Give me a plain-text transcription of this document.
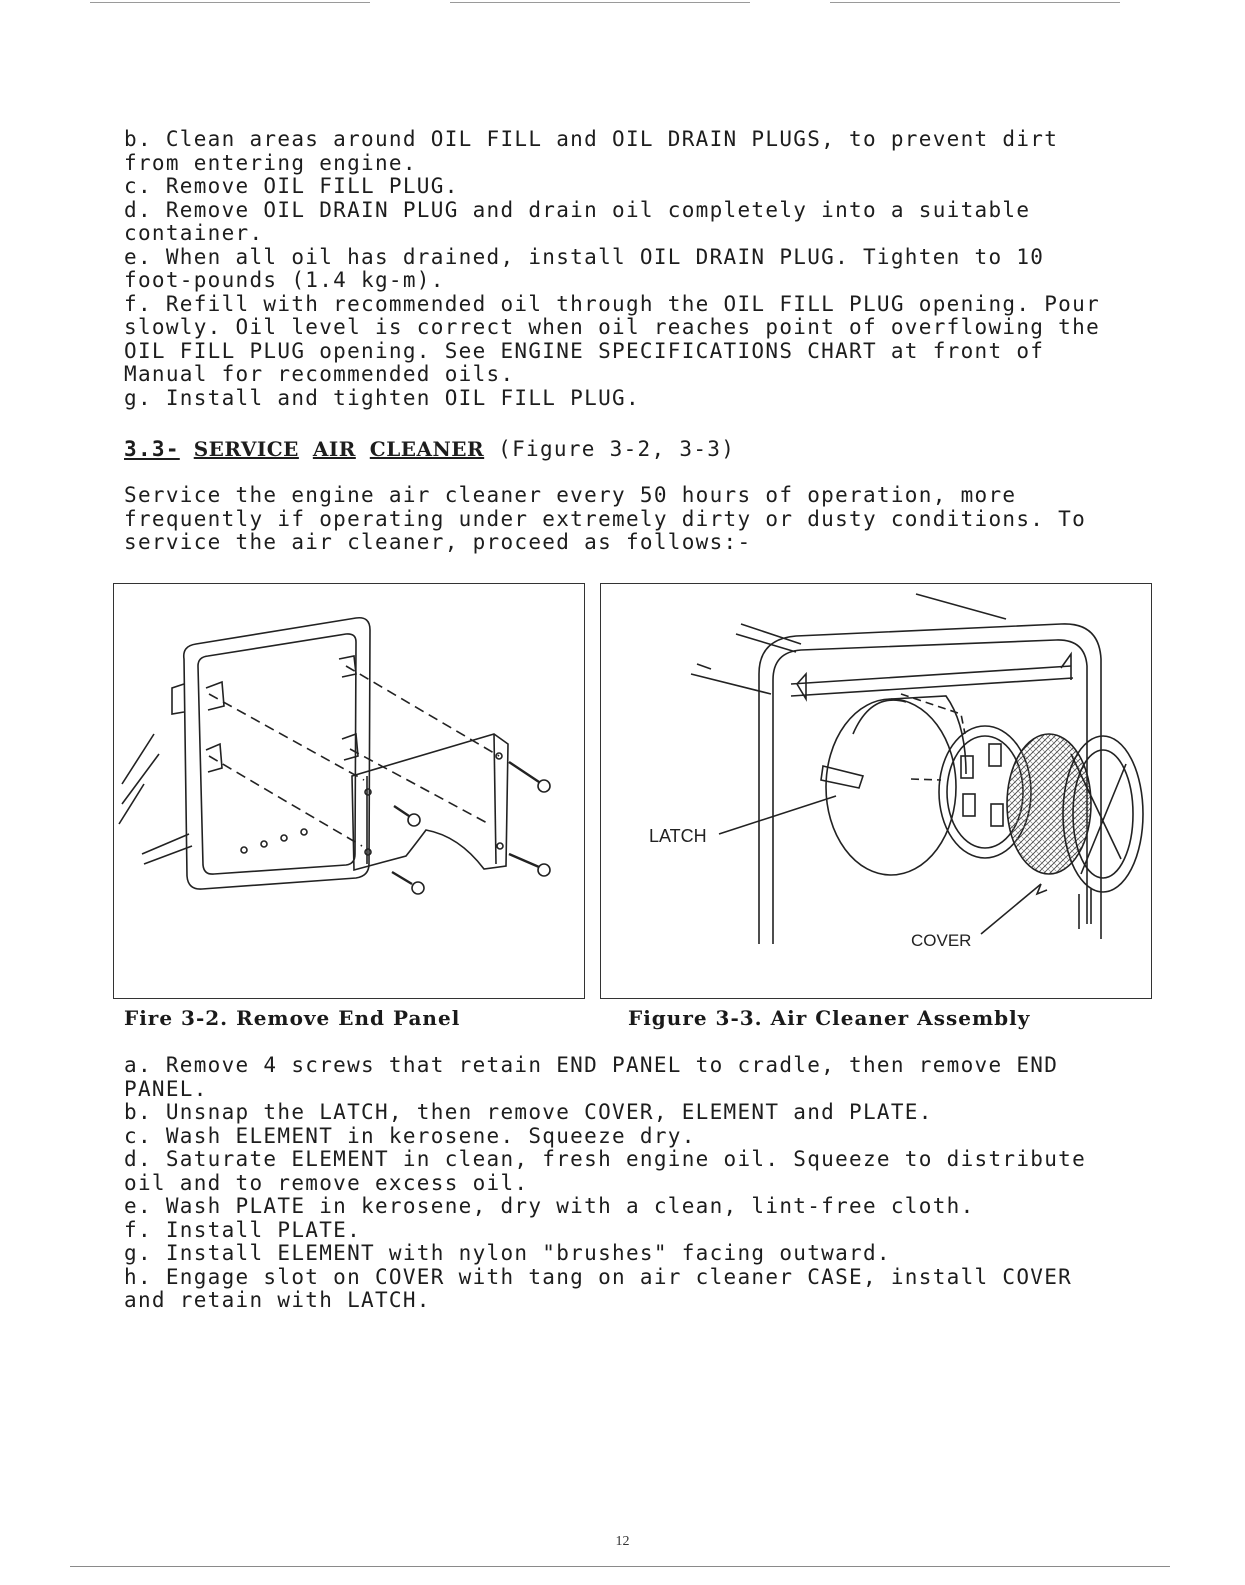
b. Clean areas around OIL FILL and OIL DRAIN PLUGS, to prevent dirt
from entering engine.
c. Remove OIL FILL PLUG.
d. Remove OIL DRAIN PLUG and drain oil completely into a suitable
container.
e. When all oil has drained, install OIL DRAIN PLUG. Tighten to 10
foot-pounds (1.4 kg-m).
f. Refill with recommended oil through the OIL FILL PLUG opening. Pour
slowly. Oil level is correct when oil reaches point of overflowing the
OIL FILL PLUG opening. See ENGINE SPECIFICATIONS CHART at front of
Manual for recommended oils.
g. Install and tighten OIL FILL PLUG.
3.3- SERVICE AIR CLEANER (Figure 3-2, 3-3)
Service the engine air cleaner every 50 hours of operation, more
frequently if operating under extremely dirty or dusty conditions. To
service the air cleaner, proceed as follows:-
LATCH
COVER
Fire 3-2. Remove End Panel	Figure 3-3. Air Cleaner Assembly
a. Remove 4 screws that retain END PANEL to cradle, then remove END
PANEL.
b. Unsnap the LATCH, then remove COVER, ELEMENT and PLATE.
c. Wash ELEMENT in kerosene. Squeeze dry.
d. Saturate ELEMENT in clean, fresh engine oil. Squeeze to distribute
oil and to remove excess oil.
e. Wash PLATE in kerosene, dry with a clean, lint-free cloth.
f. Install PLATE.
g. Install ELEMENT with nylon "brushes" facing outward.
h. Engage slot on COVER with tang on air cleaner CASE, install COVER
and retain with LATCH.
12
